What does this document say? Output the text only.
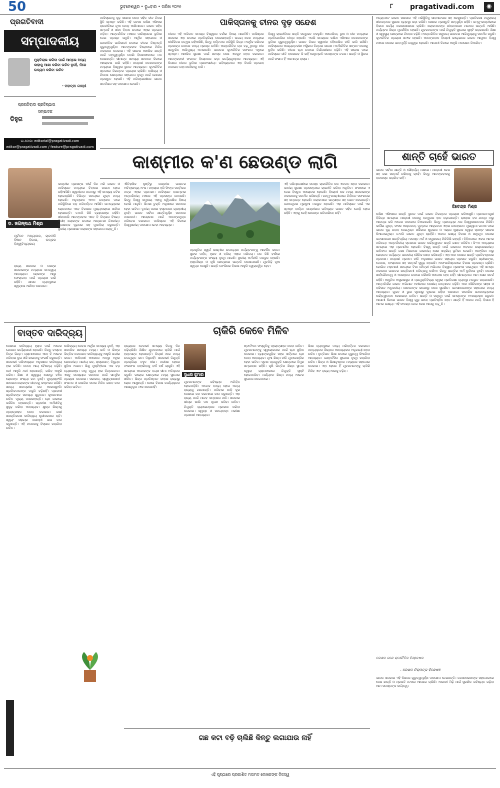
50	ଭୁବନେଶ୍ୱର • ବୁଧବାର • ତାରିଖ ୨୦୨୫	୮ pragativadi.com	◉
ପ୍ରଗତିବାଦୀ
ସମ୍ପାଦକୀୟ
ମୁକ୍ତିଲାଭ କରିବା ପାଇଁ ଆମ୍ଭେ ଅନ୍ୟ କାହାକୁ ଆଶା କରିବା ଉଚିତ ନୁହେଁ, ନିଜେ ଉଦ୍ୟମ କରିବା ଉଚିତ
- ମହାତ୍ମା ଗାନ୍ଧୀ
ପ୍ରଗତିବାଦୀ ପ୍ରତିଷ୍ଠାତା
ସମ୍ପାଦକ
ଡିହୁଗ
ଇ-ମେଲ: editorial@pragativadi.com
editor@pragativadi.com / feature@pragativadi.com
ପାକିସ୍ତାନକୁ ଦୃଢ଼ ସନ୍ଦେଶ ଦେବା ସହିତ ଚୀନ ନିଜର ସ୍ଥିତି ସ୍ପଷ୍ଟ କରିଛି। ଏହି ଘଟଣା ଦକ୍ଷିଣ ଏସିଆର ରାଜନୀତିରେ ନୂଆ ମୋଡ଼ ଆଣିପାରେ। ଭାରତ ସହିତ ସମ୍ପର୍କ ଓ ସୀମା ବିବାଦ ଉପରେ ଏହାର ପ୍ରଭାବ ପଡ଼ିବ। ଆନ୍ତର୍ଜାତିକ ମଞ୍ଚରେ ପାକିସ୍ତାନର ଭୂମିକା ନେଇ ପ୍ରଶ୍ନ ଉଠୁଛି। ଆର୍ଥିକ ସହଯୋଗ ଓ ରଣନୀତିକ ଭାଗିଦାରୀ ଉପରେ ଚୀନର ନିଷ୍ପତ୍ତି ଗୁରୁତ୍ୱପୂର୍ଣ୍ଣ। ଆତଙ୍କବାଦ ବିରୋଧରେ ମିଳିତ ପଦକ୍ଷେପ ଦରକାର। ଏହି ସନ୍ଦେଶ ଆଞ୍ଚଳିକ ଶାନ୍ତି ପାଇଁ ମହତ୍ତ୍ୱପୂର୍ଣ୍ଣ ବୋଲି ବିଶେଷଜ୍ଞମାନେ ମତ ଦେଉଛନ୍ତି। ସୀମାନ୍ତ ସମସ୍ୟା ସମାଧାନ ଦିଗରେ ଆଲୋଚନା ଜାରି ରହିଛି। ପଡ଼ୋଶୀ ଦେଶମାନଙ୍କ ମଧ୍ୟରେ ବିଶ୍ୱାସ ସ୍ଥାପନ ଆବଶ୍ୟକ। କୂଟନୈତିକ ସ୍ତରରେ ନିରନ୍ତର ପ୍ରୟାସ ଚାଲିଛି। ବାଣିଜ୍ୟ ଓ ନିବେଶ କ୍ଷେତ୍ରରେ ସହଯୋଗ ବୃଦ୍ଧି ପାଇଁ ଯୋଜନା ପ୍ରସ୍ତୁତ ହେଉଛି। ଏହି ପରିପ୍ରେକ୍ଷୀରେ ଭାରତ ସତର୍କତାର ସହ ପଦକ୍ଷେପ ନେଉଛି।
ପାକିସ୍ତାନକୁ ଚୀନର ଦୃଢ଼ ସନ୍ଦେଶ
ଚୀନର ଏହି ଅଭିମତ ସମଗ୍ର ବିଶ୍ୱରେ ଚର୍ଚ୍ଚାର ବିଷୟ ପାଲଟିଛି। ପାକିସ୍ତାନ ସରକାର ଏହା ଉପରେ ପ୍ରତିକ୍ରିୟା ଦେଇନାହାନ୍ତି। ଉଭୟ ଦେଶ ମଧ୍ୟରେ ଦୀର୍ଘଦିନର ବନ୍ଧୁତା ରହିଆସିଛି, କିନ୍ତୁ ବର୍ତ୍ତମାନ ପରିସ୍ଥିତି ଭିନ୍ନ। ଆର୍ଥିକ କରିଡର ପ୍ରକଳ୍ପ ଉପରେ ମଧ୍ୟ ପ୍ରଶ୍ନ ଉଠିଛି। ଆନ୍ତର୍ଜାତିକ ଚାପ ବଢ଼ୁଥିବାରୁ ଚୀନ ସନ୍ତୁଳିତ ଆଭିମୁଖ୍ୟ ଅପନାଉଛି। ଭାରତର କୂଟନୈତିକ ସଫଳତା ଏଥିରେ ସ୍ପଷ୍ଟ। ଆଞ୍ଚଳିକ ସୁରକ୍ଷା ପାଇଁ ସମସ୍ତ ଦେଶ ଏକଜୁଟ ହେବା ଦରକାର। ଆତଙ୍କବାଦୀ ସଂଗଠନ ବିରୋଧରେ କଡ଼ା କାର୍ଯ୍ୟାନୁଷ୍ଠାନ ଆବଶ୍ୟକ। ଏହି ଦିଗରେ ଚୀନର ଭୂମିକା ପ୍ରଶଂସନୀୟ। ଭବିଷ୍ୟତରେ ଏହା କିପରି ପ୍ରଭାବ ପକାଇବ ତାହା ଦେଖିବାକୁ ବାକି।
ବିଶ୍ୱ ରାଜନୀତିରେ ଶକ୍ତି ସନ୍ତୁଳନ ବଦଳୁଛି। ଆମେରିକା, ରୁଷ ଓ ଚୀନ ମଧ୍ୟରେ ପ୍ରତିଯୋଗିତା ତୀବ୍ର ହେଉଛି। ଏପରି ସମୟରେ ଦକ୍ଷିଣ ଏସିଆର ଦେଶମାନଙ୍କ ଭୂମିକା ଗୁରୁତ୍ୱପୂର୍ଣ୍ଣ। ଭାରତ ନିଜର ସ୍ୱାଧୀନ ବୈଦେଶିକ ନୀତି ଜାରି ରଖିଛି। ପାକିସ୍ତାନର ଆଭ୍ୟନ୍ତରୀଣ ଅସ୍ଥିରତା ଚିନ୍ତାର କାରଣ। ଅର୍ଥନୈତିକ ସଙ୍କଟ ଦେଶକୁ ଦୁର୍ବଳ କରିଛି। ଚୀନର ଋଣ ଉପରେ ନିର୍ଭରଶୀଳତା ବଢ଼ିଛି। ଏହି ସନ୍ଦେଶ ପରେ ପାକିସ୍ତାନ ନୀତି ବଦଳାଇବ କି ନାହିଁ ସେଥିପ୍ରତି ସମସ୍ତଙ୍କ ନଜର। ଶାନ୍ତି ଓ ସ୍ଥିରତା ପାଇଁ ସଂଳାପ ହିଁ ଏକମାତ୍ର ରାସ୍ତା।
ଅନ୍ୟପଟେ ଭାରତ ସରକାର ଏହି ପରିସ୍ଥିତିକୁ ସାବଧାନତାର ସହ ଦେଖୁଛନ୍ତି। ପ୍ରତିରକ୍ଷା ମନ୍ତ୍ରାଳୟ ସୀମାନ୍ତରେ ସୁରକ୍ଷା ବ୍ୟବସ୍ଥା କଡ଼ା କରିଛି। ସେନାର ପ୍ରସ୍ତୁତି ସମ୍ପୂର୍ଣ୍ଣ ରହିଛି। ଜମ୍ମୁ-କାଶ୍ମୀରରେ ବିକାଶ କାର୍ଯ୍ୟ ଜୋରସୋରରେ ଚାଲିଛି। ଲୋକମାନଙ୍କ ଜୀବନଧାରଣ ମାନରେ ଉନ୍ନତି ଆସିଛି। ପର୍ଯ୍ୟଟନ ଶିଳ୍ପ ପୁନର୍ଜୀବିତ ହେଉଛି। ଯୁବକମାନଙ୍କ ପାଇଁ ନିଯୁକ୍ତି ସୁଯୋଗ ସୃଷ୍ଟି କରାଯାଉଛି। ଶିକ୍ଷା ଓ ସ୍ୱାସ୍ଥ୍ୟ କ୍ଷେତ୍ରରେ ନିବେଶ ବଢ଼ିଛି। ଆନ୍ତର୍ଜାତିକ ସମୁଦାୟ ଭାରତର ଆଭିମୁଖ୍ୟକୁ ସମର୍ଥନ କରୁଛି। କୂଟନୈତିକ ପ୍ରୟାସ ସଫଳ ହେଉଛି। ଆତଙ୍କବାଦ ବିରୋଧୀ ଲଢ଼େଇରେ ଭାରତ ଆଗୁଆ। ବିଶ୍ୱ ମଞ୍ଚରେ ଦେଶର ଭାବମୂର୍ତ୍ତି ଉଜ୍ଜ୍ୱଳ ହୋଇଛି। ଆଗାମୀ ଦିନରେ ଆହୁରି ପଦକ୍ଷେପ ନିଆଯିବ।
କାଶ୍ମୀର କ'ଣ ଛେଉଣ୍ଡ ଲାଗି
ଡ. ଜଗନ୍ନାଥ ମିଶ୍ର
ପୂର୍ବତନ ଅଧ୍ୟାପକ, ରାଜନୀତି ବିଜ୍ଞାନ ବିଭାଗ, ଉତ୍କଳ ବିଶ୍ୱବିଦ୍ୟାଳୟ
ରାଜ୍ୟ ସରକାର ଓ କେନ୍ଦ୍ର ସରକାରଙ୍କ ମଧ୍ୟରେ ସମନ୍ୱୟ ଆବଶ୍ୟକ। ଲୋକଙ୍କ ଆସ୍ଥା ଫେରାଇବା ପାଇଁ ପ୍ରୟାସ ଜାରି ରହିଛି। ଶାସନ ବ୍ୟବସ୍ଥାରେ ସ୍ୱଚ୍ଛତା ଆଣିବା ଦରକାର।
କାଶ୍ମୀର ପ୍ରସଙ୍ଗ ଦୀର୍ଘ ଦିନ ଧରି ଭାରତ ଓ ପାକିସ୍ତାନ ମଧ୍ୟରେ ବିବାଦର କାରଣ ହୋଇ ରହିଆସିଛି। ସ୍ୱାଧୀନତା ପରଠାରୁ ଏହି ସମସ୍ୟା ଜଟିଳ ହୋଇଚାଲିଛି। ବିଭିନ୍ନ ସମୟରେ ଯୁଦ୍ଧ ମଧ୍ୟ ହୋଇଛି। ଅନୁଚ୍ଛେଦ ୩୭୦ ଉଚ୍ଛେଦ ପରେ ପରିସ୍ଥିତିରେ ବଡ଼ ପରିବର୍ତ୍ତନ ଆସିଛି। ଉପତ୍ୟକାର ଲୋକମାନେ ଏବେ ବିକାଶର ମୁଖ୍ୟଧାରାରେ ସାମିଲ ହେଉଛନ୍ତି। ତଥାପି କିଛି ଚ୍ୟାଲେଞ୍ଜ ରହିଛି। ସୀମାପାରି ଆତଙ୍କବାଦ ଏବେ ବି ଚିନ୍ତାର ବିଷୟ। ନିରୀହ ଲୋକଙ୍କ ଉପରେ ଆକ୍ରମଣ ନିନ୍ଦନୀୟ। ସୁରକ୍ଷାବଳ ଦୃଢ଼ତାର ସହ ମୁକାବିଲା କରୁଛନ୍ତି। ସ୍ଥାନୀୟ ପ୍ରଶାସନ ଲୋକଙ୍କ ସହଯୋଗ ଲୋଡ଼ୁଛି।
ଐତିହାସିକ ଦୃଷ୍ଟିରୁ କାଶ୍ମୀର ଭାରତର ଅବିଚ୍ଛେଦ୍ୟ ଅଂଶ। ମହାରାଜା ହରି ସିଂଙ୍କ ସମ୍ମିଳନ ପତ୍ର ଏହାର ପ୍ରମାଣ। ପାକିସ୍ତାନ ବାରମ୍ବାର ଅନ୍ତର୍ଜାତୀୟ ମଞ୍ଚରେ ଏହି ପ୍ରସଙ୍ଗ ଉଠାଉଛି। କିନ୍ତୁ ବିଶ୍ୱ ସମୁଦାୟ ଏହାକୁ ଦ୍ୱିପାକ୍ଷିକ ବିଷୟ ବୋଲି ମାନୁଛି। ଶିମଳା ଚୁକ୍ତି ଅନୁସାରେ ସମାଧାନ ହେବା ଉଚିତ। ତୃତୀୟ ପକ୍ଷର ହସ୍ତକ୍ଷେପ ଗ୍ରହଣୀୟ ନୁହେଁ। ଭାରତ ସର୍ବଦା ଶାନ୍ତିପୂର୍ଣ୍ଣ ସମାଧାନ ପକ୍ଷପାତୀ। ଆଲୋଚନା ପାଇଁ ଆତଙ୍କମୁକ୍ତ ପରିବେଶ ଦରକାର। ପାକିସ୍ତାନ ଏହି ଦିଗରେ ବିଶ୍ୱସନୀୟ ପଦକ୍ଷେପ ନେବା ଆବଶ୍ୟକ।
ପ୍ରକୃତିର ସ୍ୱର୍ଗ କାଶ୍ମୀର ଉପତ୍ୟକା ପର୍ଯ୍ୟଟକଙ୍କୁ ଆକର୍ଷିତ କରେ। ସୁନ୍ଦର ପର୍ବତ, ହ୍ରଦ ଓ ବଗିଚା ଏହାର ପରିଚୟ। ଗତ କିଛି ବର୍ଷରେ ପର୍ଯ୍ୟଟକଙ୍କ ସଂଖ୍ୟା ବୃଦ୍ଧି ପାଇଛି। ସ୍ଥାନୀୟ ଅର୍ଥନୀତି ମଜଭୁତ ହେଉଛି। ହସ୍ତଶିଳ୍ପ ଓ କୃଷି କ୍ଷେତ୍ରରେ ଉନ୍ନତି ଦେଖାଯାଉଛି। ଯୁବପିଢ଼ି ନୂଆ ସ୍ୱପ୍ନ ଦେଖୁଛି। ଶାନ୍ତି ଫେରିଲେ ବିକାଶ ଆହୁରି ତ୍ୱରାନ୍ୱିତ ହେବ।
ଏହି ପରିପ୍ରେକ୍ଷୀରେ ସମସ୍ତ ରାଜନୈତିକ ଦଳ ଏକମତ ହେବା ଦରକାର। ଜାତୀୟ ସୁରକ୍ଷା ପ୍ରସଙ୍ଗରେ ରାଜନୀତି କରିବା ଅନୁଚିତ। ସଂସଦରେ ଏ ନେଇ ବିସ୍ତୃତ ଆଲୋଚନା ହୋଇଛି। ବିରୋଧୀ ଦଳ ମଧ୍ୟ ସରକାରଙ୍କ ପଦକ୍ଷେପକୁ ସମର୍ଥନ କରିଛନ୍ତି। ଜମ୍ମୁ-କାଶ୍ମୀରରେ ନିର୍ବାଚନ ସଫଳତାର ସହ ସମ୍ପନ୍ନ ହୋଇଛି। ଲୋକମାନେ ଉତ୍ସାହର ସହ ଭୋଟ ଦେଇଛନ୍ତି। ଗଣତନ୍ତ୍ରର ମୂଳଦୁଆ ମଜଭୁତ ହୋଇଛି। ଏହା ପାକିସ୍ତାନ ପାଇଁ ଏକ ସ୍ପଷ୍ଟ ବାର୍ତ୍ତା। କାଶ୍ମୀରର ଭବିଷ୍ୟତ ଭାରତ ସହିତ ଯୋଡ଼ି ହୋଇ ରହିଛି। ଏହାକୁ କେହି ଛେଉଣ୍ଡ କରିପାରିବେ ନାହିଁ।
ଶାନ୍ତି ଚାହେଁ ଭାରତ
ଭାରତ ସର୍ବଦା ଶାନ୍ତି ଓ ସୌହାର୍ଦ୍ଦ୍ୟ ପକ୍ଷରେ। ପଡ଼ୋଶୀ ଦେଶ ସହ ଭଲ ସମ୍ପର୍କ ରଖିବାକୁ ଚାହେଁ। କିନ୍ତୁ ଆତଙ୍କବାଦକୁ ବରଦାସ୍ତ କରାଯିବ ନାହିଁ।
ଜିତେନ୍ଦ୍ର ମିଶ୍ର
ଦକ୍ଷିଣ ଏସିଆରେ ଶାନ୍ତି ସ୍ଥାପନ ପାଇଁ ଭାରତ ନିରନ୍ତର ପ୍ରୟାସ କରିଆସୁଛି। ପ୍ରଧାନମନ୍ତ୍ରୀ ବିଭିନ୍ନ ସମୟରେ ପଡ଼ୋଶୀ ଦେଶକୁ ବନ୍ଧୁତାର ହାତ ବଢ଼ାଇଛନ୍ତି। ଲାହୋର ବସ ଯାତ୍ରା ଠାରୁ ଆରମ୍ଭ କରି ଅନେକ ପଦକ୍ଷେପ ନିଆଯାଇଛି। କିନ୍ତୁ ପ୍ରତ୍ୟେକ ଥର ବିଶ୍ୱାସଘାତକତା ମିଳିଛି। କାର୍ଗିଲ ଯୁଦ୍ଧ, ସଂସଦ ଆକ୍ରମଣ, ମୁମ୍ବାଇ ଆକ୍ରମଣ ଏହାର ଉଦାହରଣ। ପୁଲୱାମା ଘଟଣା ପରେ ଭାରତ ଦୃଢ଼ ଜବାବ ଦେଇଥିଲା। ସର୍ଜିକାଲ ଷ୍ଟ୍ରାଇକ ଓ ଏୟାର ଷ୍ଟ୍ରାଇକ ଦ୍ୱାରା ସ୍ପଷ୍ଟ ସନ୍ଦେଶ ଦିଆଯାଇଥିଲା। ତଥାପି ଭାରତ ଯୁଦ୍ଧ ଚାହେଁନି। ଆମର ଲକ୍ଷ୍ୟ ବିକାଶ ଓ ସମୃଦ୍ଧି। ଦେଶର ଜନସାଧାରଣ ଶାନ୍ତିପ୍ରିୟ। ସମସ୍ତ ଧର୍ମ ଓ ସମ୍ପ୍ରଦାୟ ମିଳିମିଶି ରହନ୍ତି। ବିବିଧତାରେ ଏକତା ଆମର ପରିଚୟ। ଅନ୍ତର୍ଜାତୀୟ ସ୍ତରରେ ଭାରତ ଦାୟିତ୍ୱବାନ ଶକ୍ତି ଭାବେ ପରିଚିତ। ଜି-୨୦ ଅଧ୍ୟକ୍ଷତା ସମୟରେ ଏହା ପ୍ରମାଣିତ ହୋଇଛି। ବିଶ୍ୱ ଶାନ୍ତି ପାଇଁ ଭାରତର ଅବଦାନ ଉଲ୍ଲେଖନୀୟ। ଜାତିସଂଘ ଶାନ୍ତି ରକ୍ଷା ମିଶନରେ ଭାରତୀୟ ସେନା ସକ୍ରିୟ ଭୂମିକା ନେଇଛି। ଆଫ୍ରିକା ଠାରୁ ଲେବାନନ ପର୍ଯ୍ୟନ୍ତ ଭାରତୀୟ ସୈନିକ ସେବା କରିଛନ୍ତି। ଏହା ଆମ ଦେଶର ଶାନ୍ତି ପ୍ରତିବଦ୍ଧତାର ପ୍ରମାଣ। ପଡ଼ୋଶୀ ପ୍ରଥମ ନୀତି ଅନୁସାରେ ଭାରତ ସହାୟତା ପ୍ରଦାନ କରୁଛି। ଶ୍ରୀଲଙ୍କା, ନେପାଳ, ବାଂଲାଦେଶ ସହ ସମ୍ପର୍କ ସୁଦୃଢ଼ ହୋଇଛି। ଆଫଗାନିସ୍ତାନରେ ବିକାଶ ପ୍ରକଳ୍ପ ଚାଲିଛି। କୋଭିଡ ମହାମାରୀ ସମୟରେ ଟିକା ମୈତ୍ରୀ ଅଭିଯାନ ବିଶ୍ୱର ପ୍ରଶଂସା ପାଇଥିଲା। ଏହି ସମସ୍ତ ପଦକ୍ଷେପ ଭାରତର ଶାନ୍ତିକାମୀ ଚରିତ୍ରକୁ ଦର୍ଶାଏ। କିନ୍ତୁ ଶାନ୍ତିର ଅର୍ଥ ଦୁର୍ବଳତା ନୁହେଁ। ଦେଶର ସାର୍ବଭୌମତ୍ୱ ଓ ଅଖଣ୍ଡତା ଉପରେ କୌଣସି ଆପୋଷ ହେବ ନାହିଁ। ସୀମାନ୍ତରେ ଆମ ସେନା ସତର୍କ ରହିଛି। ଆଧୁନିକ ଅସ୍ତ୍ରଶସ୍ତ୍ର ଓ ପ୍ରଯୁକ୍ତିବିଦ୍ୟା ଦ୍ୱାରା ପ୍ରତିରକ୍ଷା ବ୍ୟବସ୍ଥା ମଜଭୁତ କରାଯାଉଛି। ଆତ୍ମନିର୍ଭର ଭାରତ ଅଭିଯାନ ଅଧୀନରେ ଦେଶୀୟ ଉତ୍ପାଦନ ବଢ଼ିଛି। ଆମ ସୈନିକଙ୍କ ସାହସ ଓ ବଳିଦାନ ଅତୁଳନୀୟ। ସେମାନଙ୍କ କାରଣରୁ ଦେଶ ସୁରକ୍ଷିତ। ଜନସାଧାରଣଙ୍କ ସହଯୋଗ ମଧ୍ୟ ଆବଶ୍ୟକ। ଗୁଜବ ଓ ଭୁଲ ସୂଚନାରୁ ଦୂରେଇ ରହିବା ଦରକାର। ସାମାଜିକ ଗଣମାଧ୍ୟମରେ ଦାୟିତ୍ୱବୋଧ ଦେଖାଇବା ଉଚିତ। ଶାନ୍ତି ଓ ସମୃଦ୍ଧି ପାଇଁ ସମସ୍ତଙ୍କ ଅଂଶଗ୍ରହଣ ଜରୁରୀ। ଆଗାମୀ ଦିନରେ ଭାରତ ବିଶ୍ୱ ଗୁରୁ ଭାବେ ପ୍ରତିଷ୍ଠିତ ହେବ। ଶାନ୍ତି ହିଁ ଆମର ମାର୍ଗ, ବିକାଶ ହିଁ ଆମର ଲକ୍ଷ୍ୟ। ଏହି ସଂକଳ୍ପ ନେଇ ଦେଶ ଆଗକୁ ବଢ଼ୁଛି।
ଲେଖକ ଜଣେ ରାଜନୈତିକ ବିଶ୍ଳେଷକ
ବାସ୍ତବ ଦାରିଦ୍ର୍ୟ
ଦେଶରେ ଦାରିଦ୍ର୍ୟ ହ୍ରାସ ପାଇଁ ଅନେକ ଯୋଜନା କାର୍ଯ୍ୟକାରୀ ହୋଇଛି। କିନ୍ତୁ ବାସ୍ତବ ଚିତ୍ର ଭିନ୍ନ। ଗ୍ରାମାଞ୍ଚଳରେ ଏବେ ବି ଅନେକ ପରିବାର ଦୁଇ ଓଳି ଖାଇବାକୁ ସଂଘର୍ଷ କରୁଛନ୍ତି। ସରକାରୀ ପରିସଂଖ୍ୟାନ ଅନୁସାରେ ଦାରିଦ୍ର୍ୟ ହାର କମିଛି। ତେବେ ଆୟ ବୈଷମ୍ୟ ବଢ଼ିଛି। ଧନୀ ଆହୁରି ଧନୀ ହେଉଛନ୍ତି, ଗରିବ ଆହୁରି ଗରିବ। ଶିକ୍ଷା ଓ ସ୍ୱାସ୍ଥ୍ୟ ସେବାରୁ ବଞ୍ଚିତ ଲୋକଙ୍କ ସଂଖ୍ୟା କମ ନୁହେଁ। ମୁଦ୍ରାସ୍ଫୀତି ସାଧାରଣ ଲୋକଙ୍କ ଜୀବନକୁ କଷ୍ଟକର କରିଛି। ଖାଦ୍ୟ ସାମଗ୍ରୀର ଦର ଆକାଶଛୁଆଁ। ଶ୍ରମିକମାନଙ୍କ ମଜୁରି ବଢ଼ିନାହିଁ। ପ୍ରବାସୀ ଶ୍ରମିକଙ୍କ ସମସ୍ୟା ଗୁରୁତର। କୃଷକମାନେ ଉଚିତ ମୂଲ୍ୟ ପାଉନାହାନ୍ତି। ଋଣ ଭାରରେ ଜର୍ଜରିତ ହେଉଛନ୍ତି। ଗ୍ରାମୀଣ ଅର୍ଥନୀତିକୁ ସୁଦୃଢ଼ କରିବା ଆବଶ୍ୟକ। କ୍ଷୁଦ୍ର ଶିଳ୍ପକୁ ପ୍ରୋତ୍ସାହନ ଦେବା ଦରକାର। ନାରୀ ସଶକ୍ତିକରଣ ଦାରିଦ୍ର୍ୟ ଦୂରୀକରଣର ଚାବି। ସ୍ୱୟଂ ସହାୟକ ଗୋଷ୍ଠୀ ଭଲ କାମ କରୁଛନ୍ତି। ଏହି ମଡେଲକୁ ବିସ୍ତାର କରାଯିବା ଉଚିତ।
ଦାରିଦ୍ର୍ୟ କେବଳ ଆର୍ଥିକ ସମସ୍ୟା ନୁହେଁ, ଏହା ସାମାଜିକ ସମସ୍ୟା ମଧ୍ୟ। ଜାତି ଓ ଲିଙ୍ଗ ଭିତ୍ତିକ ଭେଦଭାବ ଦାରିଦ୍ର୍ୟକୁ ଆହୁରି ଗଭୀର କରେ। ଆଦିବାସୀ ଅଞ୍ଚଳରେ ଅବସ୍ଥା ଅଧିକ ଶୋଚନୀୟ। ପାନୀୟ ଜଳ, ରାସ୍ତାଘାଟ, ବିଦ୍ୟୁତ ସୁବିଧା ଅଭାବ। ଶିଶୁ ପୁଷ୍ଟିହୀନତା ଏକ ବଡ଼ ଚ୍ୟାଲେଞ୍ଜ। ମାତୃ ମୃତ୍ୟୁ ହାର ଚିନ୍ତାଜନକ। ଏସବୁ ସମସ୍ୟାର ସମାଧାନ ପାଇଁ ସାମୂହିକ ପ୍ରୟାସ ଦରକାର। ସରକାର, ସ୍ୱେଚ୍ଛାସେବୀ ସଂଗଠନ ଓ ନାଗରିକ ସମାଜ ମିଳିତ ଭାବେ କାମ କରିବା ଉଚିତ।
ଚାକିରି କେବେ ମିଳିବ
ରାଜ୍ୟରେ ବେକାରୀ ସମସ୍ୟା ଦିନକୁ ଦିନ ବଢ଼ିଚାଲିଛି। ଶିକ୍ଷିତ ଯୁବକମାନେ ଚାକିରି ପାଇଁ ହନ୍ତସନ୍ତ ହେଉଛନ୍ତି। ଡିଗ୍ରୀ ଥାଇ ମଧ୍ୟ ଉପଯୁକ୍ତ କାମ ମିଳୁନାହିଁ। ସରକାରୀ ନିଯୁକ୍ତି ପ୍ରକ୍ରିୟା ବହୁତ ଧୀର। ପରୀକ୍ଷା ହେଲେ ଫଳାଫଳ ବାହାରିବାକୁ ବର୍ଷ ବର୍ଷ ଲାଗୁଛି। ଏହି ସମୟରେ ଅନେକଙ୍କ ବୟସ ସୀମା ଅତିକ୍ରମ କରୁଛି। ଘରୋଇ କ୍ଷେତ୍ରରେ ମଧ୍ୟ ସୁଯୋଗ ସୀମିତ। ଶିଳ୍ପ ପ୍ରତିଷ୍ଠାନ ବାହାର ରାଜ୍ୟରୁ ଲୋକ ଆଣୁଛନ୍ତି। ଦକ୍ଷତା ବିକାଶ କାର୍ଯ୍ୟକ୍ରମ ଆଶାନୁରୂପ ଫଳ ଦେଉନାହିଁ।
ସୁଧୀର କୁମାର
ଯୁବକମାନଙ୍କ ଭବିଷ୍ୟତ ଅନିଶ୍ଚିତ ହୋଇପଡ଼ିଛି। ଅନେକ ବାଧ୍ୟ ହୋଇ ଅନ୍ୟ ରାଜ୍ୟକୁ ଯାଉଛନ୍ତି। ପରିବାର ଛାଡ଼ି ଦୂର ଦେଶରେ କମ ଦରମାରେ କାମ କରୁଛନ୍ତି। ଏହା ରାଜ୍ୟ ପାଇଁ ମାନବ ସମ୍ବଳର କ୍ଷତି। ସରକାର ଶୀଘ୍ର ଖାଲି ପଦ ପୂରଣ କରିବା ଉଚିତ। ନିଯୁକ୍ତି କ୍ୟାଲେଣ୍ଡର ପ୍ରକାଶ କରିବା ଦରକାର। ସ୍ୱଚ୍ଛ ଓ ସମୟବଦ୍ଧ ପରୀକ୍ଷା ପ୍ରଣାଳୀ ଆବଶ୍ୟକ।
ଷ୍ଟାର୍ଟଅପ ସଂସ୍କୃତିକୁ ପ୍ରୋତ୍ସାହନ ଦେବା ଉଚିତ। ଯୁବକମାନଙ୍କୁ ସ୍ୱରୋଜଗାର ପାଇଁ ଋଣ ସୁବିଧା ଦରକାର। ବ୍ୟାଙ୍କଗୁଡ଼ିକ ସହଜ ସର୍ତ୍ତରେ ଋଣ ଦେବା ଆବଶ୍ୟକ। ନୂଆ ଶିଳ୍ପ ନୀତି ଯୁବକେନ୍ଦ୍ରିକ ହେବା ଉଚିତ। ସୂଚନା ପ୍ରଯୁକ୍ତି କ୍ଷେତ୍ରରେ ବିପୁଳ ସମ୍ଭାବନା ରହିଛି। କୃଷି ଭିତ୍ତିକ ଶିଳ୍ପ ସ୍ଥାପନ ଦ୍ୱାରା ଗ୍ରାମାଞ୍ଚଳରେ ନିଯୁକ୍ତି ସୃଷ୍ଟି ହୋଇପାରିବ। ପର୍ଯ୍ୟଟନ ଶିଳ୍ପ ମଧ୍ୟ ଅନେକ ସୁଯୋଗ ଦେଇପାରେ।
ଶିକ୍ଷା ବ୍ୟବସ୍ଥାରେ ମଧ୍ୟ ପରିବର୍ତ୍ତନ ଦରକାର। ପାଠ୍ୟକ୍ରମ ଶିଳ୍ପର ଆବଶ୍ୟକତା ଅନୁଯାୟୀ ହେବା ଉଚିତ। ବୃତ୍ତିଗତ ଶିକ୍ଷା ଉପରେ ଗୁରୁତ୍ୱ ଦିଆଯିବା ଆବଶ୍ୟକ। ଇଣ୍ଟର୍ନସିପ ସୁଯୋଗ ବୃଦ୍ଧି କରାଯିବା ଉଚିତ। ଶିଳ୍ପ ଓ ଶିକ୍ଷାନୁଷ୍ଠାନ ମଧ୍ୟରେ ସହଯୋଗ ଦରକାର। ଏହା ହେଲେ ହିଁ ଯୁବକମାନଙ୍କୁ ଚାକିରି ମିଳିବ ଏବଂ ରାଜ୍ୟ ଆଗକୁ ବଢ଼ିବ।
ଗଛ କଟା ବଢ଼ି ଚାଲିଛି କିନ୍ତୁ ଲଗାଯାଉ ନାହିଁ
- ଲେଖକ ନିରାପତ୍ତା ବିଶେଷଜ୍ଞ
ଭାରତ ସରକାର ଏହି ଦିଗରେ ଗୁରୁତ୍ୱପୂର୍ଣ୍ଣ ପଦକ୍ଷେପ ନେଇଛନ୍ତି। ଜନସାଧାରଣଙ୍କ ସହଯୋଗରେ ଦେଶ ଶାନ୍ତି ଓ ପ୍ରଗତି ପଥରେ ଆଗେଇ ଚାଲିଛି। ଆଗାମୀ ପିଢ଼ି ପାଇଁ ସୁରକ୍ଷିତ ଭବିଷ୍ୟତ ଗଢ଼ିବା ଆମ ସମସ୍ତଙ୍କ ଦାୟିତ୍ୱ।
ଏହି ପୃଷ୍ଠାରେ ପ୍ରକାଶିତ ମତାମତ ଲେଖକଙ୍କ ନିଜସ୍ୱ
